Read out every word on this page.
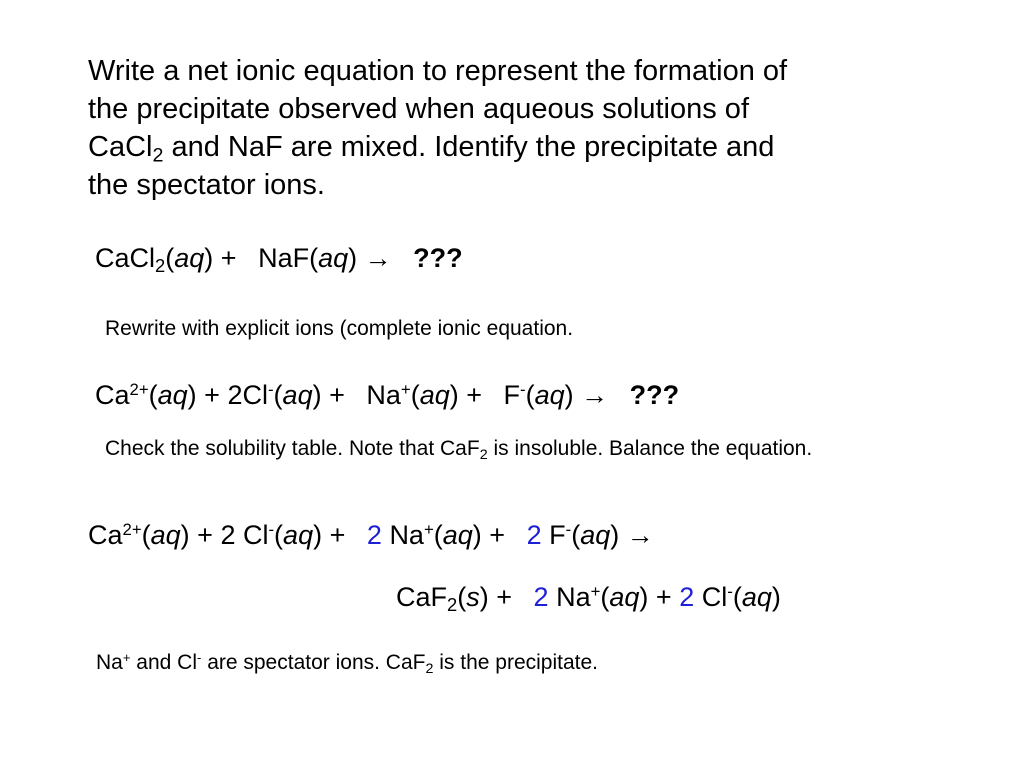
Write a net ionic equation to represent the formation of
the precipitate observed when aqueous solutions of
CaCl$_2$ and NaF are mixed. Identify the precipitate and
the spectator ions.
CaCl$_2$(aq) + NaF(aq) → ???
Rewrite with explicit ions (complete ionic equation.
$Ca^{2+}(aq) + 2Cl^-(aq) + Na^+(aq) + F^-(aq)$ → ???
Check the solubility table. Note that CaF$_2$ is insoluble. Balance the equation.
$Ca^{2+}(aq) + 2$ Cl-(aq) + 2 Na+(aq) + 2 F-(aq) →
CaF$_2$(s) + 2 Na+(aq) + 2 Cl-(aq)
Na+ and Cl- are spectator ions. CaF$_2$ is the precipitate.
